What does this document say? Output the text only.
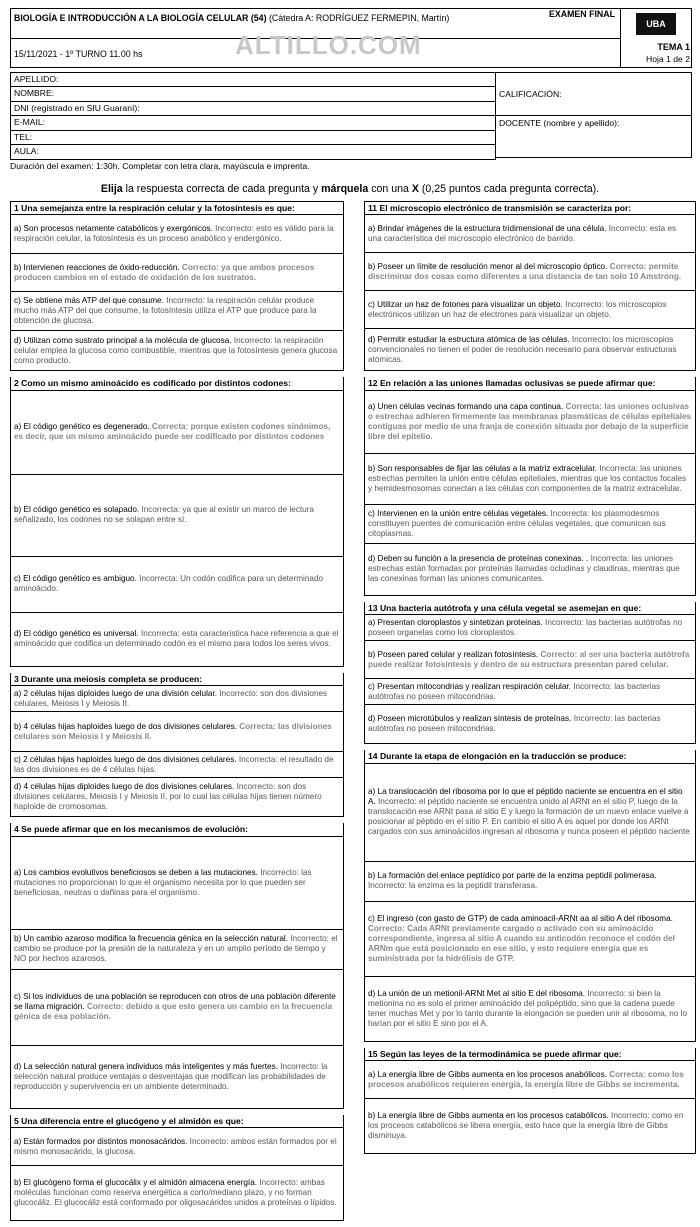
BIOLOGÍA E INTRODUCCIÓN A LA BIOLOGÍA CELULAR (54) (Cátedra A: RODRÍGUEZ FERMEPIN, Martín)	EXAMEN FINAL
15/11/2021 - 1º TURNO 11.00 hs
UBA
TEMA 1
Hoja 1 de 2
ALTILLO.COM
APELLIDO:
NOMBRE:
DNI (registrado en SIU Guaraní):
E-MAIL:
TEL:
AULA:
CALIFICACIÓN:
DOCENTE (nombre y apellido):
Duración del examen: 1:30h. Completar con letra clara, mayúscula e imprenta.
Elija la respuesta correcta de cada pregunta y márquela con una X (0,25 puntos cada pregunta correcta).
1 Una semejanza entre la respiración celular y la fotosíntesis es que:
a) Son procesos netamente catabólicos y exergónicos. Incorrecto: esto es válido para la respiración celular, la fotosíntesis es un proceso anabólico y endergónico.
b) Intervienen reacciones de óxido-reducción. Correcto: ya que ambos procesos producen cambios en el estado de oxidación de los sustratos.
c) Se obtiene más ATP del que consume. Incorrecto: la respiración celular produce mucho más ATP del que consume, la fotosíntesis utiliza el ATP que produce para la obtención de glucosa.
d) Utilizan como sustrato principal a la molécula de glucosa. Incorrecto: la respiración celular emplea la glucosa como combustible, mientras que la fotosíntesis genera glucosa como producto.
2 Como un mismo aminoácido es codificado por distintos codones:
a) El código genético es degenerado. Correcta: porque existen codones sinónimos, es decir, que un mismo aminoácido puede ser codificado por distintos codones
b) El código genético es solapado. Incorrecta: ya que al existir un marco de lectura señalizado, los codones no se solapan entre sí.
c) El código genético es ambiguo. Incorrecta: Un codón codifica para un determinado aminoácido.
d) El código genético es universal. Incorrecta: esta característica hace referencia a que el aminoácido que codifica un determinado codón es el mismo para todos los seres vivos.
3 Durante una meiosis completa se producen:
a) 2 células hijas diploides luego de una división celular. Incorrecto: son dos divisiones celulares, Meiosis I y Meiosis II.
b) 4 células hijas haploides luego de dos divisiones celulares. Correcta: las divisiones celulares son Meiosis I y Meiosis II.
c) 2 células hijas haploides luego de dos divisiones celulares. Incorrecta: el resultado de las dos divisiones es de 4 células hijas.
d) 4 células hijas diploides luego de dos divisiones celulares. Incorrecto: son dos divisiones celulares, Meiosis I y Meiosis II, por lo cual las células hijas tienen número haploide de cromosomas.
4 Se puede afirmar que en los mecanismos de evolución:
a) Los cambios evolutivos beneficiosos se deben a las mutaciones. Incorrecto: las mutaciones no proporcionan lo que el organismo necesita por lo que pueden ser beneficiosas, neutras o dañinas para el organismo.
b) Un cambio azaroso modifica la frecuencia génica en la selección natural. Incorrecto: el cambio se produce por la presión de la naturaleza y en un amplio período de tiempo y NO por hechos azarosos.
c) Si los individuos de una población se reproducen con otros de una población diferente se llama migración. Correcto: debido a que esto genera un cambio en la frecuencia génica de esa población.
d) La selección natural genera individuos más inteligentes y más fuertes. Incorrecto: la selección natural produce ventajas o desventajas que modifican las probabilidades de reproducción y supervivencia en un ambiente determinado.
5 Una diferencia entre el glucógeno y el almidón es que:
a) Están formados por distintos monosacáridos. Incorrecto: ambos están formados por el mismo monosacárido, la glucosa.
b) El glucógeno forma el glucocálix y el almidón almacena energía. Incorrecto: ambas moléculas funcionan como reserva energética a corto/mediano plazo, y no forman glucocáliz. El glucocáliz está conformado por oligosacáridos unidos a proteínas o lípidos.
11 El microscopio electrónico de transmisión se caracteriza por:
a) Brindar imágenes de la estructura tridimensional de una célula. Incorrecto: esta es una característica del microscopio electrónico de barrido.
b) Poseer un límite de resolución menor al del microscopio óptico. Correcto: permite discriminar dos cosas como diferentes a una distancia de tan solo 10 Amstrong.
c) Utilizar un haz de fotones para visualizar un objeto. Incorrecto: los microscopios electrónicos utilizan un haz de electrones para visualizar un objeto.
d) Permitir estudiar la estructura atómica de las células. Incorrecto: los microscopios convencionales no tienen el poder de resolución necesario para observar estructuras atómicas.
12 En relación a las uniones llamadas oclusivas se puede afirmar que:
a) Unen células vecinas formando una capa continua. Correcta: las uniones oclusivas o estrechas adhieren firmemente las membranas plasmáticas de células epiteliales contiguas por medio de una franja de conexión situada por debajo de la superficie libre del epitelio.
b) Son responsables de fijar las células a la matriz extracelular. Incorrecta: las uniones estrechas permiten la unión entre células epiteliales, mientras que los contactos focales y hemidesmosomas conectan a las células con componentes de la matriz extracelular.
c) Intervienen en la unión entre células vegetales. Incorrecta: los plasmodesmos constituyen puentes de comunicación entre células vegetales, que comunican sus citoplasmas.
d) Deben su función a la presencia de proteínas conexinas. . Incorrecta: las uniones estrechas están formadas por proteínas llamadas ocludinas y claudinas, mientras que las conexinas forman las uniones comunicantes.
13 Una bacteria autótrofa y una célula vegetal se asemejan en que:
a) Presentan cloroplastos y sintetizan proteínas. Incorrecto: las bacterias autótrofas no poseen organelas como los cloroplastos.
b) Poseen pared celular y realizan fotosíntesis. Correcto: al ser una bacteria autótrofa puede realizar fotosíntesis y dentro de su estructura presentan pared celular.
c) Presentan mitocondrias y realizan respiración celular. Incorrecto: las bacterias autótrofas no poseen mitocondrias.
d) Poseen microtúbulos y realizan síntesis de proteínas. Incorrecto: las bacterias autótrofas no poseen mitocondrias.
14 Durante la etapa de elongación en la traducción se produce:
a) La translocación del ribosoma por lo que el péptido naciente se encuentra en el sitio A. Incorrecto: el péptido naciente se encuentra unido al ARNt en el sitio P, luego de la translocación ese ARNt pasa al sitio E y luego la formación de un nuevo enlace vuelve a posicionar al péptido en el sitio P. En cambio el sitio A es aquel por donde los ARNt cargados con sus aminoácidos ingresan al ribosoma y nunca poseen el péptido naciente
b) La formación del enlace peptídico por parte de la enzima peptidil polimerasa. Incorrecto: la enzima es la peptidil transferasa.
c) El ingreso (con gasto de GTP) de cada aminoacil-ARNt aa al sitio A del ribosoma. Correcto: Cada ARNt previamente cargado o activado con su aminoácido correspondiente, ingresa al sitio A cuando su anticodón reconoce el codón del ARNm que está posicionado en ese sitio, y esto requiere energía que es suministrada por la hidrólisis de GTP.
d) La unión de un metionil-ARNt Met al sitio E del ribosoma. Incorrecto: si bien la metionina no es solo el primer aminoácido del polipéptido, sino que la cadena puede tener muchas Met y por lo tanto durante la elongación se pueden unir al ribosoma, no lo harían por el sitio E sino por el A.
15 Según las leyes de la termodinámica se puede afirmar que:
a) La energía libre de Gibbs aumenta en los procesos anabólicos. Correcta: como los procesos anabólicos requieren energía, la energía libre de Gibbs se incrementa.
b) La energía libre de Gibbs aumenta en los procesos catabólicos. Incorrecto: como en los procesos catabólicos se libera energía, esto hace que la energía libre de Gibbs disminuya.
